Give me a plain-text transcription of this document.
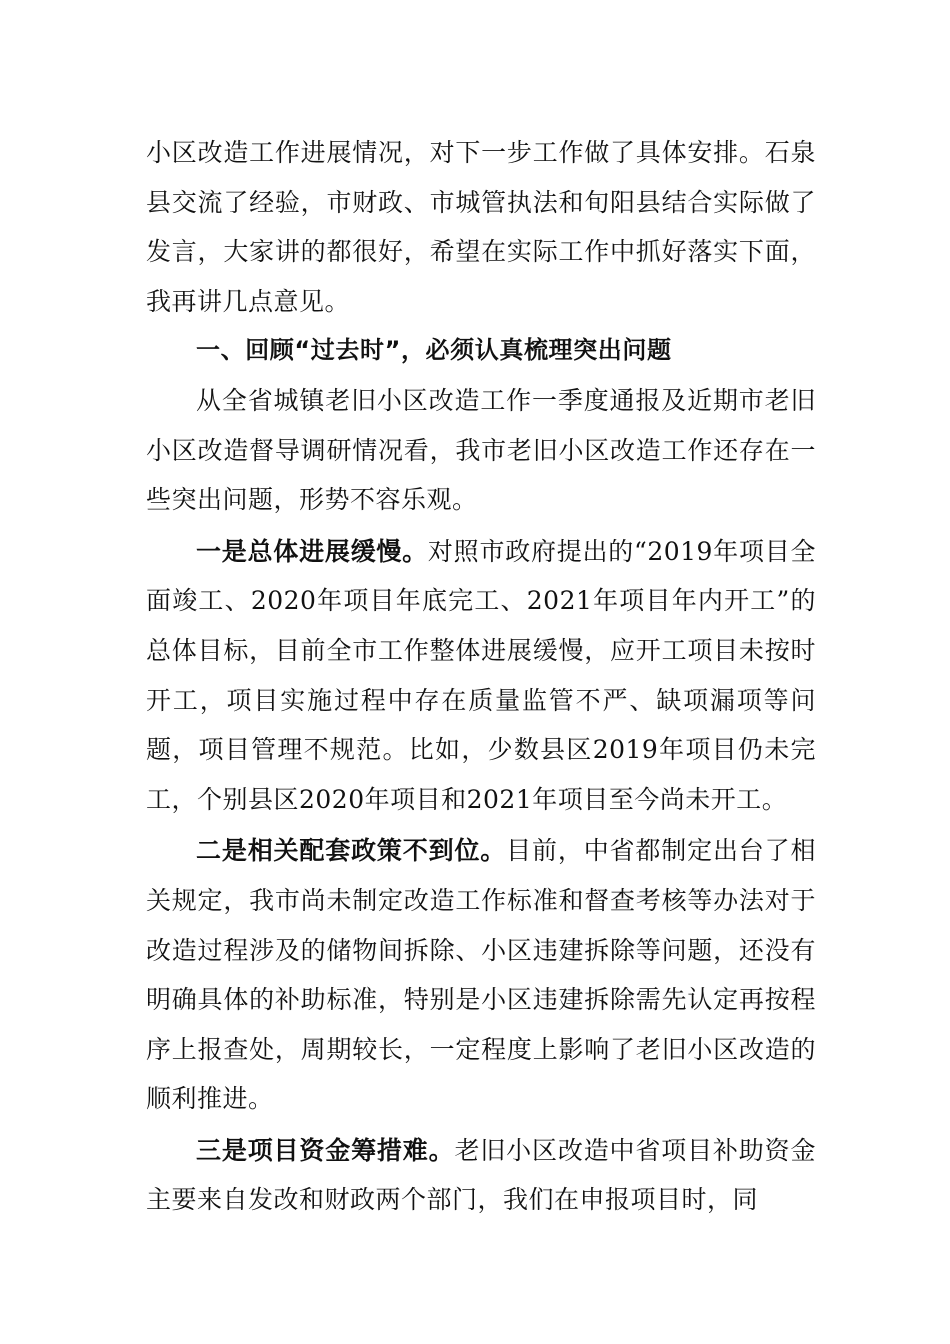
小区改造工作进展情况，对下一步工作做了具体安排。石泉县交流了经验，市财政、市城管执法和旬阳县结合实际做了发言，大家讲的都很好，希望在实际工作中抓好落实下面，我再讲几点意见。

一、回顾“过去时”，必须认真梳理突出问题

从全省城镇老旧小区改造工作一季度通报及近期市老旧小区改造督导调研情况看，我市老旧小区改造工作还存在一些突出问题，形势不容乐观。

一是总体进展缓慢。对照市政府提出的“2019年项目全面竣工、2020年项目年底完工、2021年项目年内开工”的总体目标，目前全市工作整体进展缓慢，应开工项目未按时开工，项目实施过程中存在质量监管不严、缺项漏项等问题，项目管理不规范。比如，少数县区2019年项目仍未完工，个别县区2020年项目和2021年项目至今尚未开工。

二是相关配套政策不到位。目前，中省都制定出台了相关规定，我市尚未制定改造工作标准和督查考核等办法对于改造过程涉及的储物间拆除、小区违建拆除等问题，还没有明确具体的补助标准，特别是小区违建拆除需先认定再按程序上报查处，周期较长，一定程度上影响了老旧小区改造的顺利推进。

三是项目资金筹措难。老旧小区改造中省项目补助资金主要来自发改和财政两个部门，我们在申报项目时，同
